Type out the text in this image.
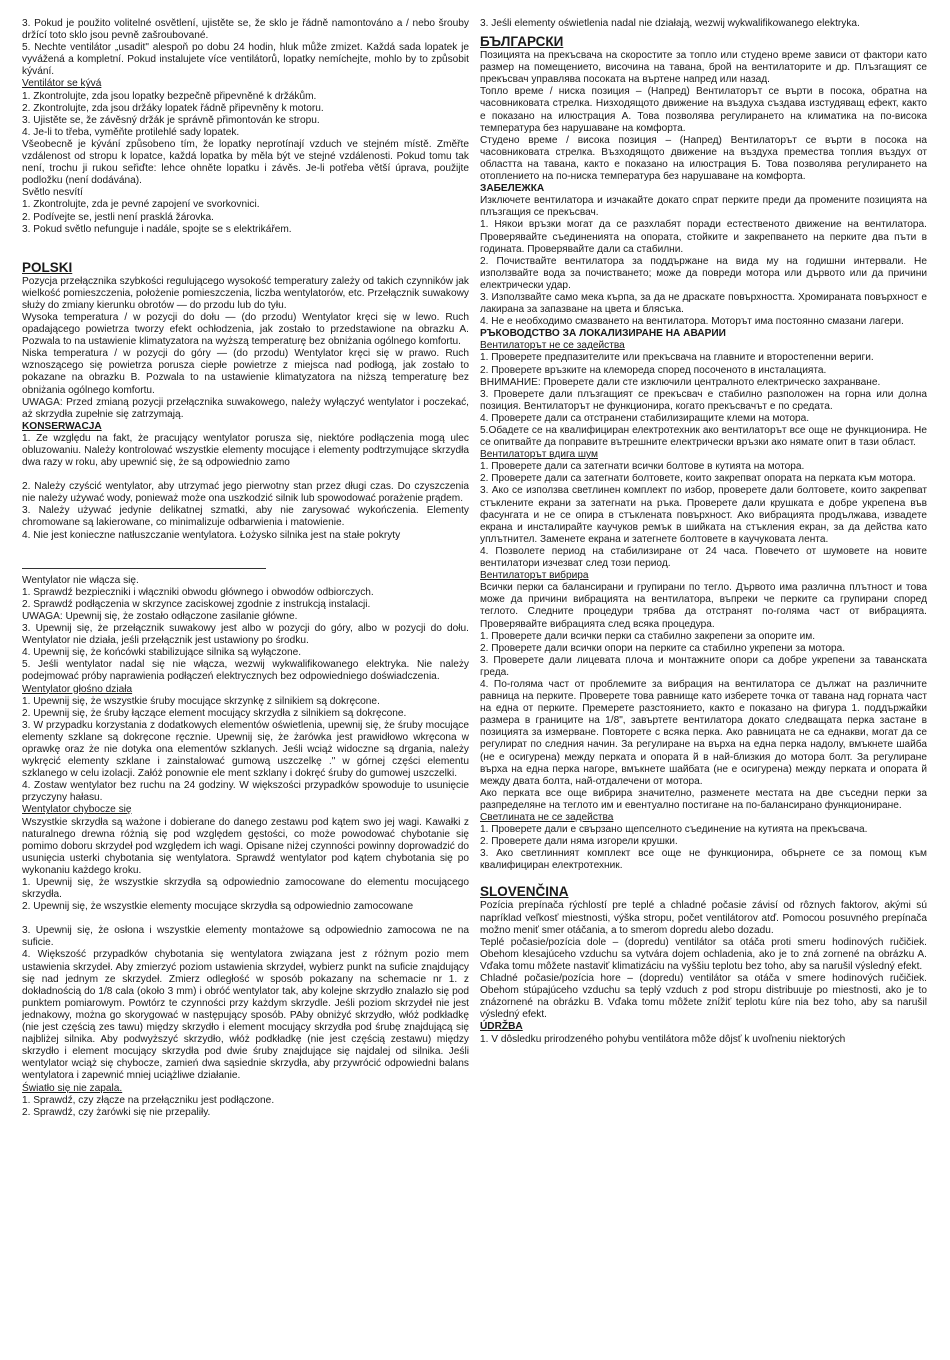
3. Pokud je použito volitelné osvětlení, ujistěte se, že sklo je řádně namontováno a / nebo šrouby držící toto sklo jsou pevně zašroubované.

5. Nechte ventilátor „usadit" alespoň po dobu 24 hodin, hluk může zmizet. Každá sada lopatek je vyvážená a kompletní. Pokud instalujete více ventilátorů, lopatky nemíchejte, mohlo by to způsobit kývání.

Ventilátor se kývá

1. Zkontrolujte, zda jsou lopatky bezpečně připevněné k držákům.

2. Zkontrolujte, zda jsou držáky lopatek řádně připevněny k motoru.

3. Ujistěte se, že závěsný držák je správně přimontován ke stropu.

4. Je-li to třeba, vyměňte protilehlé sady lopatek.

Všeobecně je kývání způsobeno tím, že lopatky neprotínají vzduch ve stejném místě. Změřte vzdálenost od stropu k lopatce, každá lopatka by měla být ve stejné vzdálenosti. Pokud tomu tak není, trochu ji rukou seřiďte: lehce ohněte lopatku i závěs. Je-li potřeba větší úprava, použijte podložku (není dodávána).

Světlo nesvítí

1. Zkontrolujte, zda je pevné zapojení ve svorkovnici.

2. Podívejte se, jestli není prasklá žárovka.

3. Pokud světlo nefunguje i nadále, spojte se s elektrikářem.

POLSKI

Pozycja przełącznika szybkości regulującego wysokość temperatury zależy od takich czynników jak wielkość pomieszczenia, położenie pomieszczenia, liczba wentylatorów, etc. Przełącznik suwakowy służy do zmiany kierunku obrotów — do przodu lub do tyłu.

Wysoka temperatura / w pozycji do dołu — (do przodu) Wentylator kręci się w lewo. Ruch opadającego powietrza tworzy efekt ochłodzenia, jak zostało to przedstawione na obrazku A. Pozwala to na ustawienie klimatyzatora na wyższą temperaturę bez obniżania ogólnego komfortu.

Niska temperatura / w pozycji do góry — (do przodu) Wentylator kręci się w prawo. Ruch wznoszącego się powietrza porusza ciepłe powietrze z miejsca nad podłogą, jak zostało to pokazane na obrazku B. Pozwala to na ustawienie klimatyzatora na niższą temperaturę bez obniżania ogólnego komfortu.

UWAGA: Przed zmianą pozycji przełącznika suwakowego, należy wyłączyć wentylator i poczekać, aż skrzydła zupełnie się zatrzymają.

KONSERWACJA

1. Ze względu na fakt, że pracujący wentylator porusza się, niektóre podłączenia mogą ulec obluzowaniu. Należy kontrolować wszystkie elementy mocujące i elementy podtrzymujące skrzydła dwa razy w roku, aby upewnić się, że są odpowiednio zamo

2. Należy czyścić wentylator, aby utrzymać jego pierwotny stan przez długi czas. Do czyszczenia nie należy używać wody, ponieważ może ona uszkodzić silnik lub spowodować porażenie prądem.

3. Należy używać jedynie delikatnej szmatki, aby nie zarysować wykończenia. Elementy chromowane są lakierowane, co minimalizuje odbarwienia i matowienie.

4. Nie jest konieczne natłuszczanie wentylatora. Łożysko silnika jest na stałe pokryty

Wentylator nie włącza się.

1. Sprawdź bezpieczniki i włączniki obwodu głównego i obwodów odbiorczych.

2. Sprawdź podłączenia w skrzynce zaciskowej zgodnie z instrukcją instalacji.

UWAGA: Upewnij się, że zostało odłączone zasilanie główne.

3. Upewnij się, że przełącznik suwakowy jest albo w pozycji do góry, albo w pozycji do dołu. Wentylator nie działa, jeśli przełącznik jest ustawiony po środku.

4. Upewnij się, że końcówki stabilizujące silnika są wyłączone.

5. Jeśli wentylator nadal się nie włącza, wezwij wykwalifikowanego elektryka. Nie należy podejmować próby naprawienia podłączeń elektrycznych bez odpowiedniego doświadczenia.

Wentylator głośno działa

1. Upewnij się, że wszystkie śruby mocujące skrzynkę z silnikiem są dokręcone.

2. Upewnij się, że śruby łączące element mocujący skrzydła z silnikiem są dokręcone.

3. W przypadku korzystania z dodatkowych elementów oświetlenia, upewnij się, że śruby mocujące elementy szklane są dokręcone ręcznie. Upewnij się, że żarówka jest prawidłowo wkręcona w oprawkę oraz że nie dotyka ona elementów szklanych. Jeśli wciąż widoczne są drgania, należy wykręcić elementy szklane i zainstalować gumową uszczelkę ." w górnej części elementu szklanego w celu izolacji. Załóż ponownie ele ment szklany i dokręć śruby do gumowej uszczelki.

4. Zostaw wentylator bez ruchu na 24 godziny. W większości przypadków spowoduje to usunięcie przyczyny hałasu.

Wentylator chybocze się

Wszystkie skrzydła są ważone i dobierane do danego zestawu pod kątem swo jej wagi. Kawałki z naturalnego drewna różnią się pod względem gęstości, co może powodować chybotanie się pomimo doboru skrzydeł pod względem ich wagi. Opisane niżej czynności powinny doprowadzić do usunięcia usterki chybotania się wentylatora. Sprawdź wentylator pod kątem chybotania się po wykonaniu każdego kroku.

1. Upewnij się, że wszystkie skrzydła są odpowiednio zamocowane do elementu mocującego skrzydła.

2. Upewnij się, że wszystkie elementy mocujące skrzydła są odpowiednio zamocowane

3. Upewnij się, że osłona i wszystkie elementy montażowe są odpowiednio zamocowa ne na suficie.

4. Większość przypadków chybotania się wentylatora związana jest z różnym pozio mem ustawienia skrzydeł. Aby zmierzyć poziom ustawienia skrzydeł, wybierz punkt na suficie znajdujący się nad jednym ze skrzydeł. Zmierz odległość w sposób pokazany na schemacie nr 1. z dokładnością do 1/8 cala (około 3 mm) i obróć wentylator tak, aby kolejne skrzydło znalazło się pod punktem pomiarowym. Powtórz te czynności przy każdym skrzydle. Jeśli poziom skrzydeł nie jest jednakowy, można go skorygować w następujący sposób. PAby obniżyć skrzydło, włóż podkładkę (nie jest częścią zes tawu) między skrzydło i element mocujący skrzydła pod śrubę znajdującą się najbliżej silnika. Aby podwyższyć skrzydło, włóż podkładkę (nie jest częścią zestawu) między skrzydło i element mocujący skrzydła pod dwie śruby znajdujące się najdalej od silnika. Jeśli wentylator wciąż się chybocze, zamień dwa sąsiednie skrzydła, aby przywrócić odpowiedni balans wentylatora i zapewnić mniej uciążliwe działanie.

Światło się nie zapala.

1. Sprawdź, czy złącze na przełączniku jest podłączone.

2. Sprawdź, czy żarówki się nie przepaliły.

3. Jeśli elementy oświetlenia nadal nie działają, wezwij wykwalifikowanego elektryka.

БЪЛГАРСКИ

Позицията на прекъсвача на скоростите за топло или студено време зависи от фактори като размер на помещението, височина на тавана, брой на вентилаторите и др. Плъзгащият се прекъсвач управлява посоката на въртене напред или назад.

Топло време / ниска позиция – (Напред) Вентилаторът се върти в посока, обратна на часовниковата стрелка. Низходящото движение на въздуха създава изстудяващ ефект, както е показано на илюстрация А. Това позволява регулирането на климатика на по-висока температура без нарушаване на комфорта.

Студено време / висока позиция – (Напред) Вентилаторът се върти в посока на часовниковата стрелка. Възходящото движение на въздуха премества топлия въздух от областта на тавана, както е показано на илюстрация Б. Това позволява регулирането на отоплението на по-ниска температура без нарушаване на комфорта.

ЗАБЕЛЕЖКА

Изключете вентилатора и изчакайте докато спрат перките преди да промените позицията на плъзгащия се прекъсвач.

1. Някои връзки могат да се разхлабят поради естественото движение на вентилатора. Проверявайте съединенията на опората, стойките и закрепването на перките два пъти в годината. Проверявайте дали са стабилни.

2. Почиствайте вентилатора за поддържане на вида му на годишни интервали. Не използвайте вода за почистването; може да повреди мотора или дървото или да причини електрически удар.

3. Използвайте само мека кърпа, за да не драскате повърхността. Хромираната повърхност е лакирана за запазване на цвета и блясъка.

4. Не е необходимо смазването на вентилатора. Моторът има постоянно смазани лагери.

РЪКОВОДСТВО ЗА ЛОКАЛИЗИРАНЕ НА АВАРИИ

Вентилаторът не се задейства

1. Проверете предпазителите или прекъсвача на главните и второстепенни вериги.

2. Проверете връзките на клемореда според посоченото в инсталацията.

ВНИМАНИЕ: Проверете дали сте изключили централното електрическо захранване.

3. Проверете дали плъзгащият се прекъсвач е стабилно разположен на горна или долна позиция. Вентилаторът не функционира, когато прекъсвачът е по средата.

4. Проверете дали са отстранени стабилизиращите клеми на мотора.

5.Обадете се на квалифициран електротехник ако вентилаторът все още не функционира. Не се опитвайте да поправите вътрешните електрически връзки ако нямате опит в тази област.

Вентилаторът вдига шум

1. Проверете дали са затегнати всички болтове в кутията на мотора.

2. Проверете дали са затегнати болтовете, които закрепват опората на перката към мотора.

3. Ако се използва светлинен комплект по избор, проверете дали болтовете, които закрепват стъклените екрани за затегнати на ръка. Проверете дали крушката е добре укрепена във фасунгата и не се опира в стъклената повърхност. Ако вибрацията продължава, извадете екрана и инсталирайте каучуков ремък в шийката на стъкления екран, за да действа като уплътнител. Заменете екрана и затегнете болтовете в каучуковата лента.

4. Позволете период на стабилизиране от 24 часа. Повечето от шумовете на новите вентилатори изчезват след този период.

Вентилаторът вибрира

Всички перки са балансирани и групирани по тегло. Дървото има различна плътност и това може да причини вибрацията на вентилатора, въпреки че перките са групирани според теглото. Следните процедури трябва да отстранят по-голяма част от вибрацията. Проверявайте вибрацията след всяка процедура.

1. Проверете дали всички перки са стабилно закрепени за опорите им.

2. Проверете дали всички опори на перките са стабилно укрепени за мотора.

3. Проверете дали лицевата плоча и монтажните опори са добре укрепени за таванската греда.

4. По-голяма част от проблемите за вибрация на вентилатора се дължат на различните равница на перките. Проверете това равнище като изберете точка от тавана над горната част на една от перките. Премерете разстоянието, както е показано на фигура 1. поддържайки размера в границите на 1/8", завъртете вентилатора докато следващата перка застане в позицията за измерване. Повторете с всяка перка. Ако равницата не са еднакви, могат да се регулират по следния начин. За регулиране на върха на една перка надолу, вмъкнете шайба (не е осигурена) между перката и опората й в най-близкия до мотора болт. За регулиране върха на една перка нагоре, вмъкнете шайбата (не е осигурена) между перката и опората й между двата болта, най-отдалечени от мотора.

Ако перката все още вибрира значително, разменете местата на две съседни перки за разпределяне на теглото им и евентуално постигане на по-балансирано функциониране.

Светлината не се задейства

1. Проверете дали е свързано щепселното съединение на кутията на прекъсвача.

2. Проверете дали няма изгорели крушки.

3. Ако светлинният комплект все още не функционира, обърнете се за помощ към квалифициран електротехник.

SLOVENČINA

Pozícia prepínača rýchlostí pre teplé a chladné počasie závisí od rôznych faktorov, akými sú napríklad veľkosť miestnosti, výška stropu, počet ventilátorov atď. Pomocou posuvného prepínača možno meniť smer otáčania, a to smerom dopredu alebo dozadu.

Teplé počasie/pozícia dole – (dopredu) ventilátor sa otáča proti smeru hodinových ručičiek. Obehom klesajúceho vzduchu sa vytvára dojem ochladenia, ako je to zná zornené na obrázku A. Vďaka tomu môžete nastaviť klimatizáciu na vyššiu teplotu bez toho, aby sa narušil výsledný efekt.

Chladné počasie/pozícia hore – (dopredu) ventilátor sa otáča v smere hodinových ručičiek. Obehom stúpajúceho vzduchu sa teplý vzduch z pod stropu distribuuje po miestnosti, ako je to znázornené na obrázku B. Vďaka tomu môžete znížiť teplotu kúre nia bez toho, aby sa narušil výsledný efekt.

ÚDRŽBA

1. V dôsledku prirodzeného pohybu ventilátora môže dôjsť k uvoľneniu niektorých
